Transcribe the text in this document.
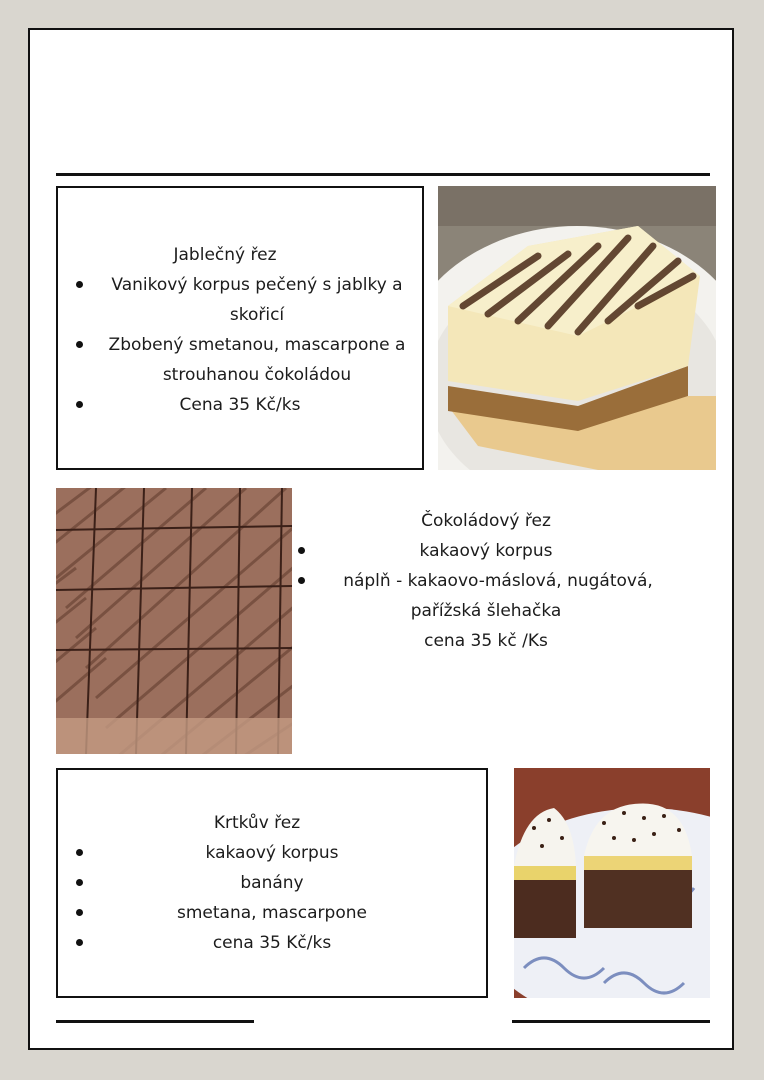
Jablečný řez
Vanikový korpus pečený s jablky a skořicí
Zbobený smetanou, mascarpone a strouhanou čokoládou
Cena 35 Kč/ks
Čokoládový řez
kakaový korpus
náplň - kakaovo-máslová, nugátová,
pařížská šlehačka
cena 35 kč /Ks
Krtkův řez
kakaový korpus
banány
smetana, mascarpone
cena 35 Kč/ks
